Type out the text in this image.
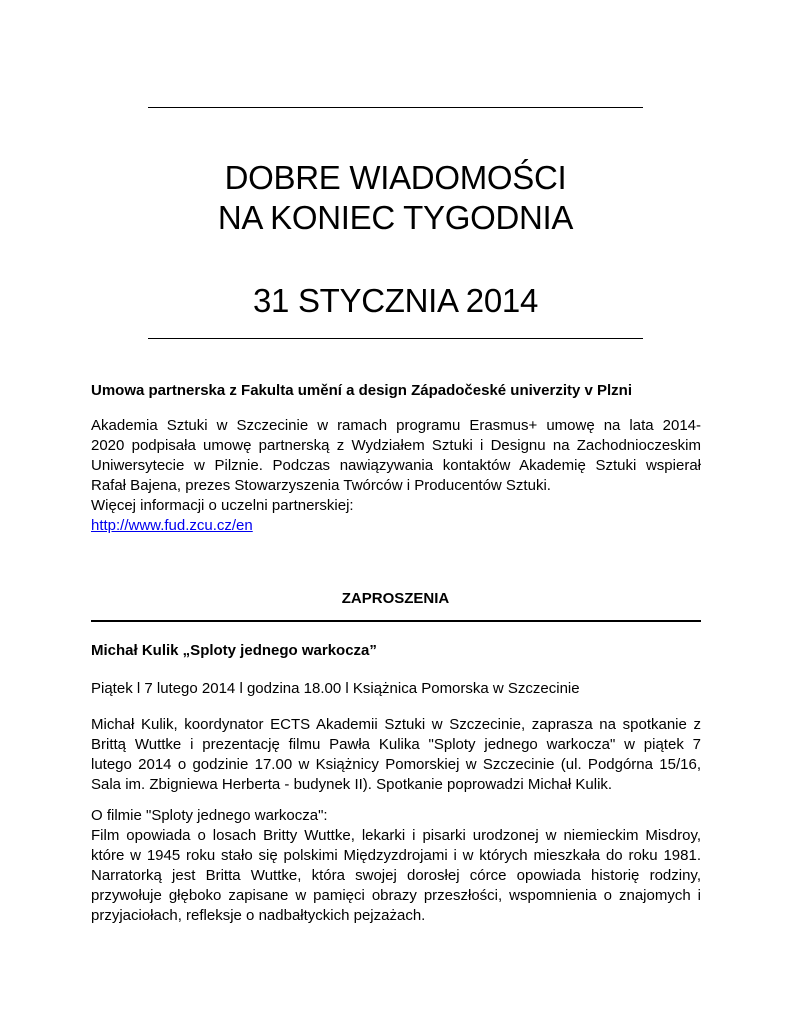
DOBRE WIADOMOŚCI
NA KONIEC TYGODNIA
31 STYCZNIA 2014
Umowa partnerska z Fakulta umění a design Západočeské univerzity v Plzni
Akademia Sztuki w Szczecinie w ramach programu Erasmus+ umowę na lata 2014-
2020 podpisała umowę partnerską z Wydziałem Sztuki i Designu na Zachodnioczeskim
Uniwersytecie w Pilznie. Podczas nawiązywania kontaktów Akademię Sztuki wspierał
Rafał Bajena, prezes Stowarzyszenia Twórców i Producentów Sztuki.
Więcej informacji o uczelni partnerskiej:
http://www.fud.zcu.cz/en
ZAPROSZENIA
Michał Kulik „Sploty jednego warkocza”
Piątek l 7 lutego 2014 l godzina 18.00 l Książnica Pomorska w Szczecinie
Michał Kulik, koordynator ECTS Akademii Sztuki w Szczecinie, zaprasza na spotkanie z
Brittą Wuttke i prezentację filmu Pawła Kulika "Sploty jednego warkocza" w piątek 7
lutego 2014 o godzinie 17.00 w Książnicy Pomorskiej w Szczecinie (ul. Podgórna 15/16,
Sala im. Zbigniewa Herberta - budynek II). Spotkanie poprowadzi Michał Kulik.
O filmie "Sploty jednego warkocza":
Film opowiada o losach Britty Wuttke, lekarki i pisarki urodzonej w niemieckim Misdroy,
które w 1945 roku stało się polskimi Międzyzdrojami i w których mieszkała do roku 1981.
Narratorką jest Britta Wuttke, która swojej dorosłej córce opowiada historię rodziny,
przywołuje głęboko zapisane w pamięci obrazy przeszłości, wspomnienia o znajomych i
przyjaciołach, refleksje o nadbałtyckich pejzażach.
